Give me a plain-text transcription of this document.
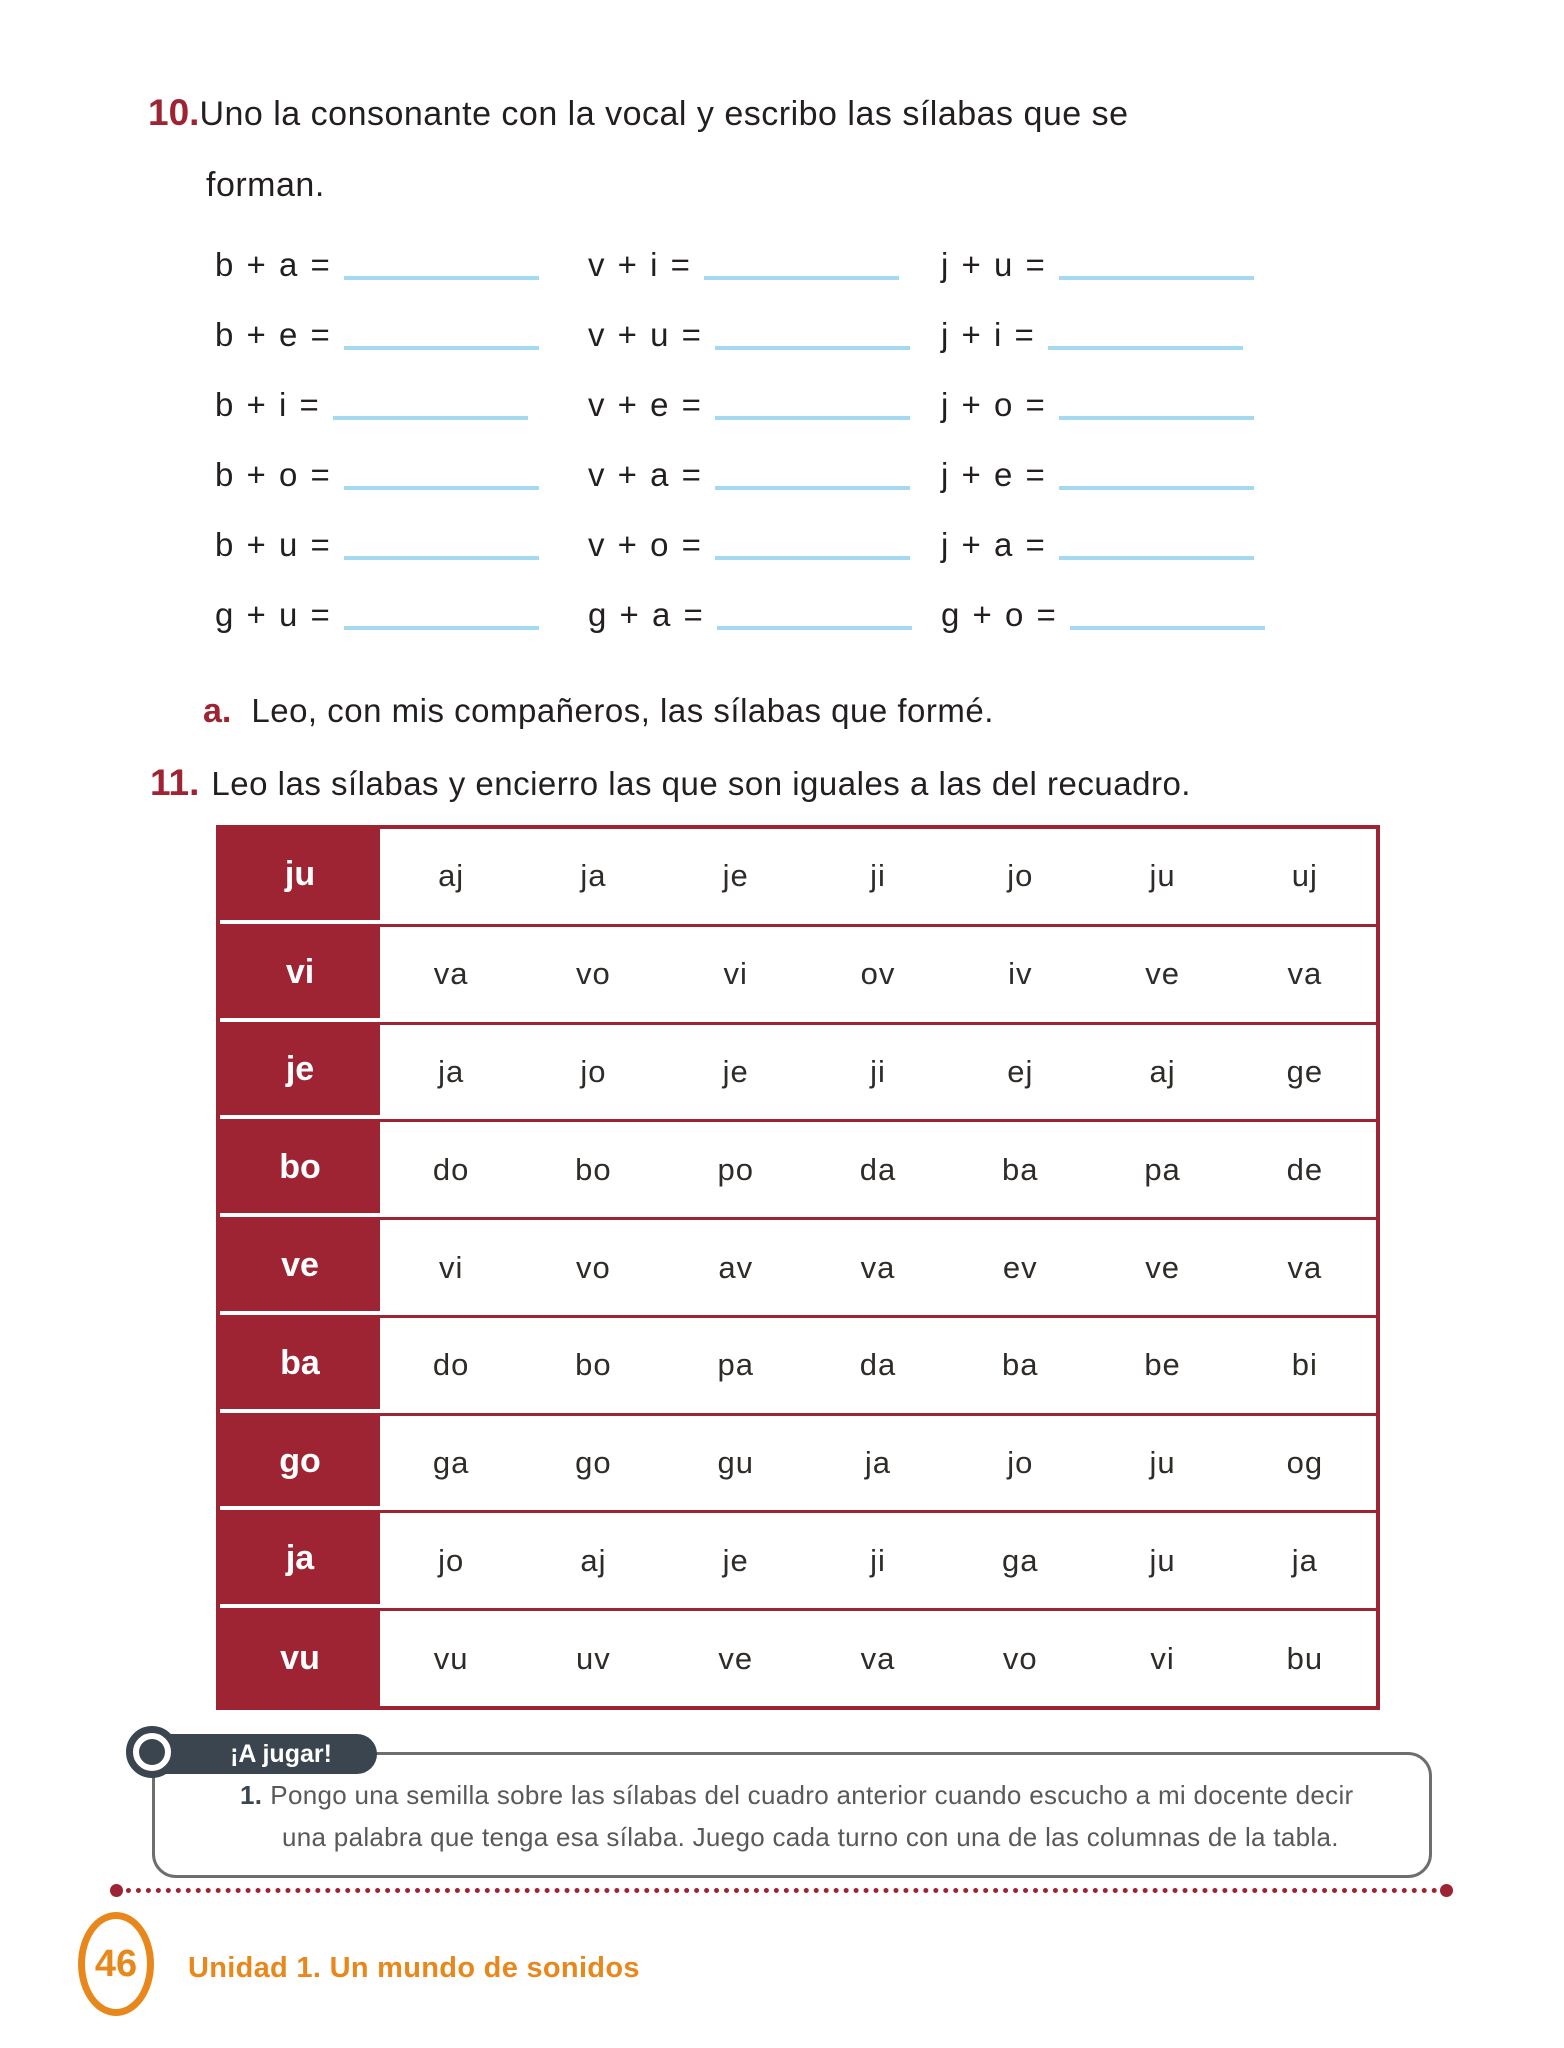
10. Uno la consonante con la vocal y escribo las sílabas que se
forman.
b + a =	v + i =	j + u =
b + e =	v + u =	j + i =
b + i =	v + e =	j + o =
b + o =	v + a =	j + e =
b + u =	v + o =	j + a =
g + u =	g + a =	g + o =
a. Leo, con mis compañeros, las sílabas que formé.
11. Leo las sílabas y encierro las que son iguales a las del recuadro.
ju	aj	ja	je	ji	jo	ju	uj
vi	va	vo	vi	ov	iv	ve	va
je	ja	jo	je	ji	ej	aj	ge
bo	do	bo	po	da	ba	pa	de
ve	vi	vo	av	va	ev	ve	va
ba	do	bo	pa	da	ba	be	bi
go	ga	go	gu	ja	jo	ju	og
ja	jo	aj	je	ji	ga	ju	ja
vu	vu	uv	ve	va	vo	vi	bu
¡A jugar!
1. Pongo una semilla sobre las sílabas del cuadro anterior cuando escucho a mi docente decir
una palabra que tenga esa sílaba. Juego cada turno con una de las columnas de la tabla.
46 Unidad 1. Un mundo de sonidos
